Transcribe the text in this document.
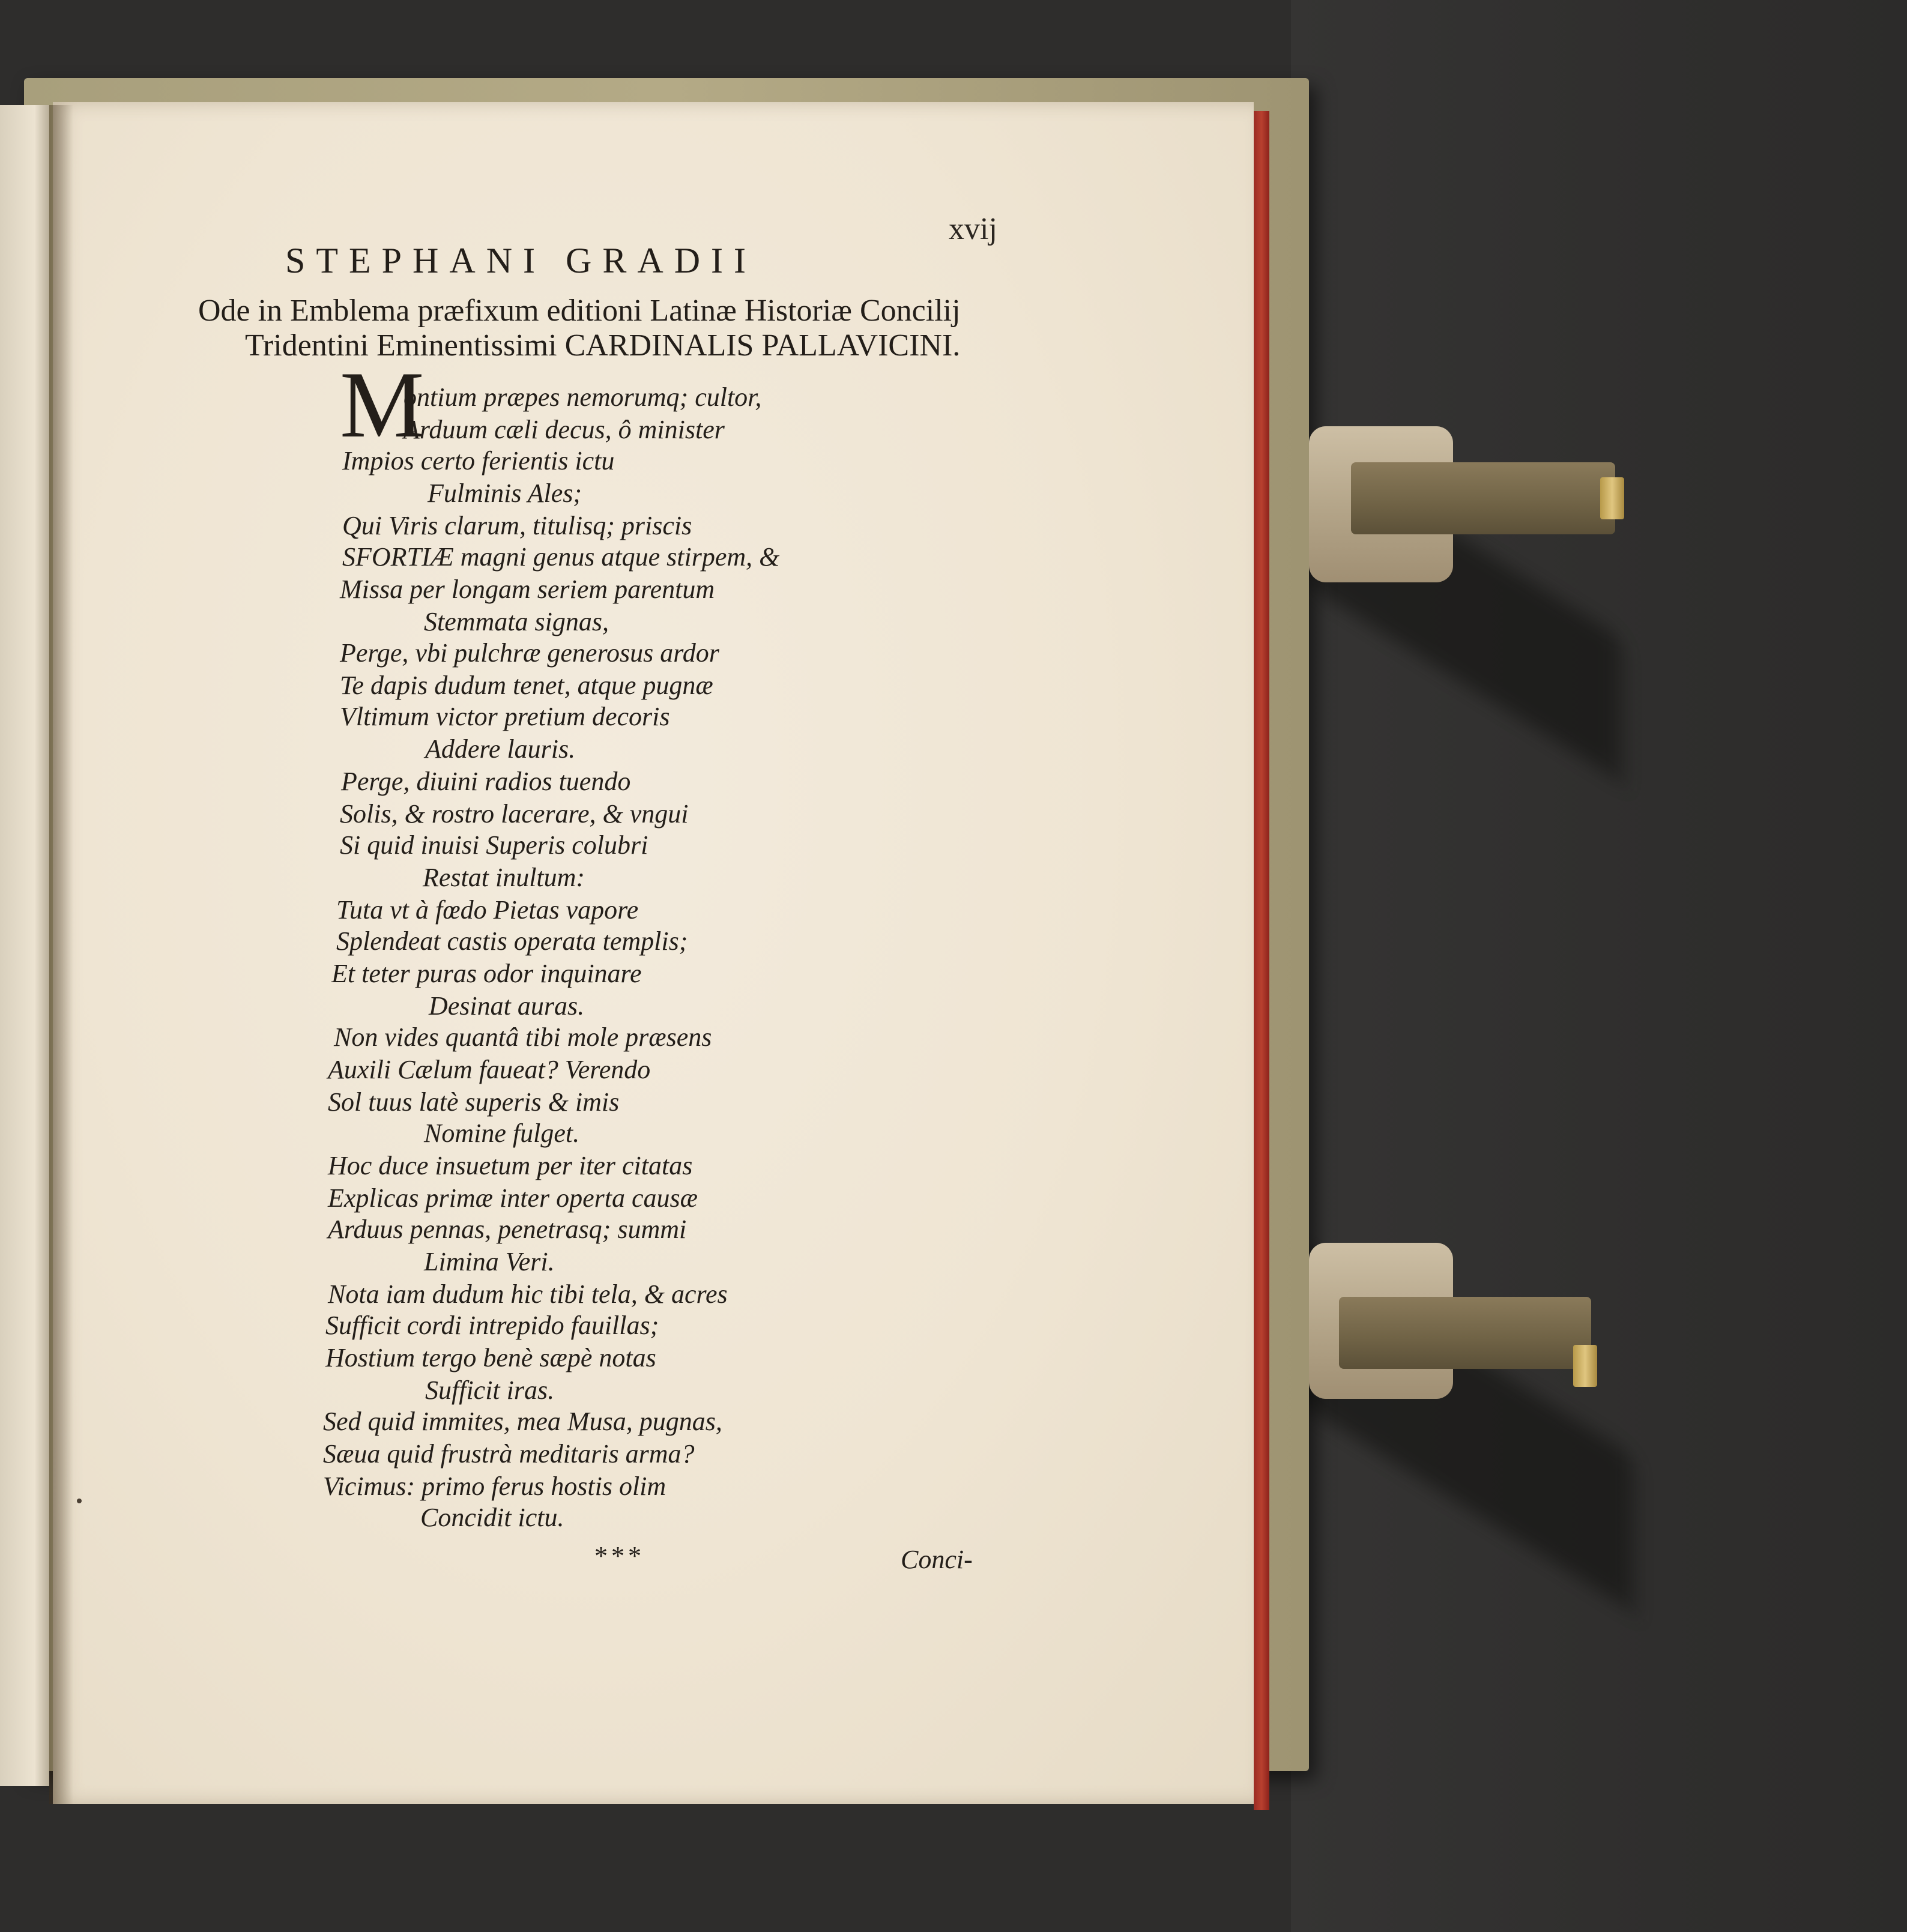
xvij
STEPHANI GRADII
Ode in Emblema præfixum editioni Latinæ Historiæ Concilij
Tridentini Eminentissimi CARDINALIS PALLAVICINI.
M
ontium præpes nemorumq; cultor,
Arduum cæli decus, ô minister
Impios certo ferientis ictu
Fulminis Ales;
Qui Viris clarum, titulisq; priscis
SFORTIÆ magni genus atque stirpem, &
Missa per longam seriem parentum
Stemmata signas,
Perge, vbi pulchræ generosus ardor
Te dapis dudum tenet, atque pugnæ
Vltimum victor pretium decoris
Addere lauris.
Perge, diuini radios tuendo
Solis, & rostro lacerare, & vngui
Si quid inuisi Superis colubri
Restat inultum:
Tuta vt à fœdo Pietas vapore
Splendeat castis operata templis;
Et teter puras odor inquinare
Desinat auras.
Non vides quantâ tibi mole præsens
Auxili Cælum faueat? Verendo
Sol tuus latè superis & imis
Nomine fulget.
Hoc duce insuetum per iter citatas
Explicas primæ inter operta causæ
Arduus pennas, penetrasq; summi
Limina Veri.
Nota iam dudum hic tibi tela, & acres
Sufficit cordi intrepido fauillas;
Hostium tergo benè sæpè notas
Sufficit iras.
Sed quid immites, mea Musa, pugnas,
Sæua quid frustrà meditaris arma?
Vicimus: primo ferus hostis olim
Concidit ictu.
***	Conci-
